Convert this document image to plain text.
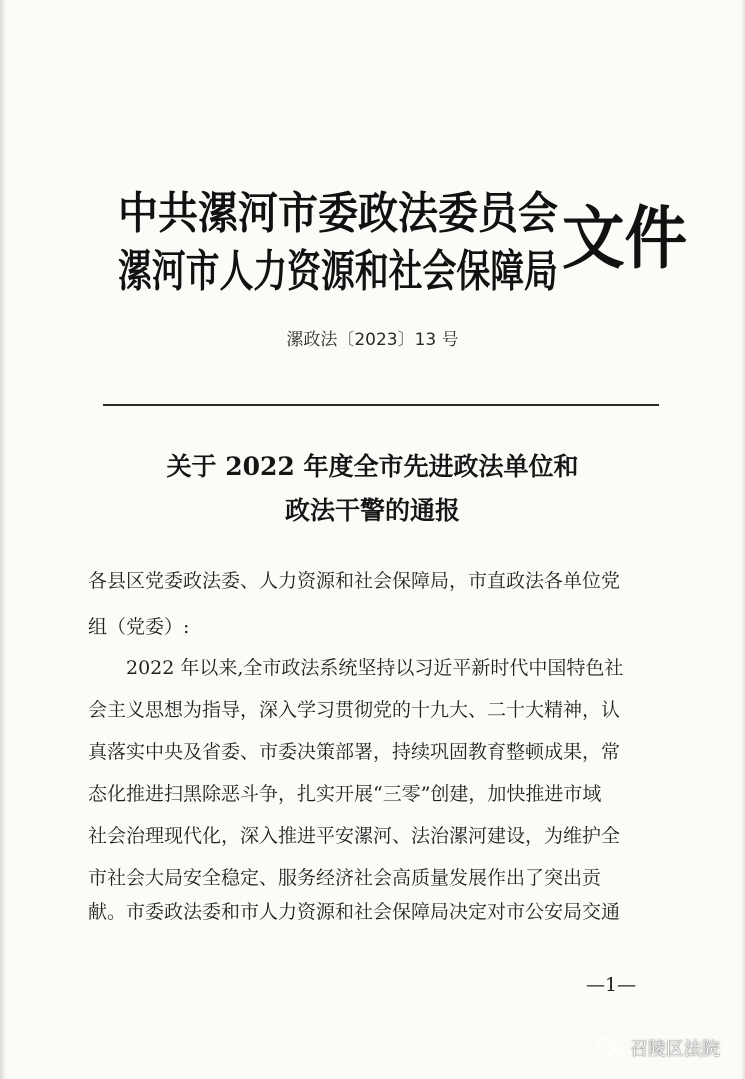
中共漯河市委政法委员会
漯河市人力资源和社会保障局 文件
漯政法〔2023〕13 号
关于 2022 年度全市先进政法单位和
政法干警的通报
各县区党委政法委、人力资源和社会保障局，市直政法各单位党
组（党委）:
　　2022 年以来,全市政法系统坚持以习近平新时代中国特色社
会主义思想为指导，深入学习贯彻党的十九大、二十大精神，认
真落实中央及省委、市委决策部署，持续巩固教育整顿成果，常
态化推进扫黑除恶斗争，扎实开展“三零”创建，加快推进市域
社会治理现代化，深入推进平安漯河、法治漯河建设，为维护全
市社会大局安全稳定、服务经济社会高质量发展作出了突出贡
献。市委政法委和市人力资源和社会保障局决定对市公安局交通
—1—
召陵区法院
